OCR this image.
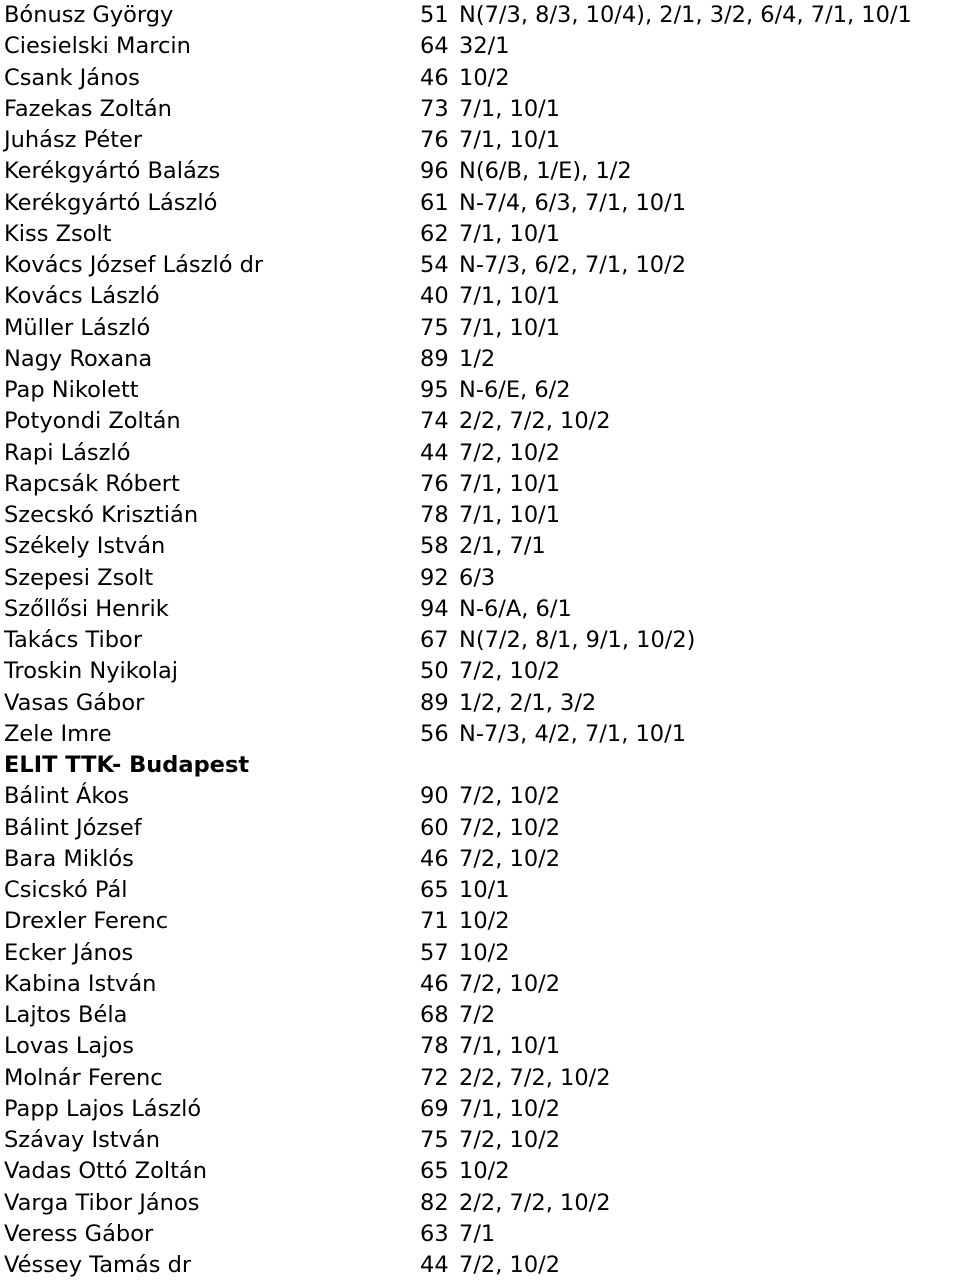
Bónusz György	51 N(7/3, 8/3, 10/4), 2/1, 3/2, 6/4, 7/1, 10/1
Ciesielski Marcin	64 32/1
Csank János	46 10/2
Fazekas Zoltán	73 7/1, 10/1
Juhász Péter	76 7/1, 10/1
Kerékgyártó Balázs	96 N(6/B, 1/E), 1/2
Kerékgyártó László	61 N-7/4, 6/3, 7/1, 10/1
Kiss Zsolt	62 7/1, 10/1
Kovács József László dr	54 N-7/3, 6/2, 7/1, 10/2
Kovács László	40 7/1, 10/1
Müller László	75 7/1, 10/1
Nagy Roxana	89 1/2
Pap Nikolett	95 N-6/E, 6/2
Potyondi Zoltán	74 2/2, 7/2, 10/2
Rapi László	44 7/2, 10/2
Rapcsák Róbert	76 7/1, 10/1
Szecskó Krisztián	78 7/1, 10/1
Székely István	58 2/1, 7/1
Szepesi Zsolt	92 6/3
Szőllősi Henrik	94 N-6/A, 6/1
Takács Tibor	67 N(7/2, 8/1, 9/1, 10/2)
Troskin Nyikolaj	50 7/2, 10/2
Vasas Gábor	89 1/2, 2/1, 3/2
Zele Imre	56 N-7/3, 4/2, 7/1, 10/1
ELIT TTK- Budapest
Bálint Ákos	90 7/2, 10/2
Bálint József	60 7/2, 10/2
Bara Miklós	46 7/2, 10/2
Csicskó Pál	65 10/1
Drexler Ferenc	71 10/2
Ecker János	57 10/2
Kabina István	46 7/2, 10/2
Lajtos Béla	68 7/2
Lovas Lajos	78 7/1, 10/1
Molnár Ferenc	72 2/2, 7/2, 10/2
Papp Lajos László	69 7/1, 10/2
Szávay István	75 7/2, 10/2
Vadas Ottó Zoltán	65 10/2
Varga Tibor János	82 2/2, 7/2, 10/2
Veress Gábor	63 7/1
Véssey Tamás dr	44 7/2, 10/2
